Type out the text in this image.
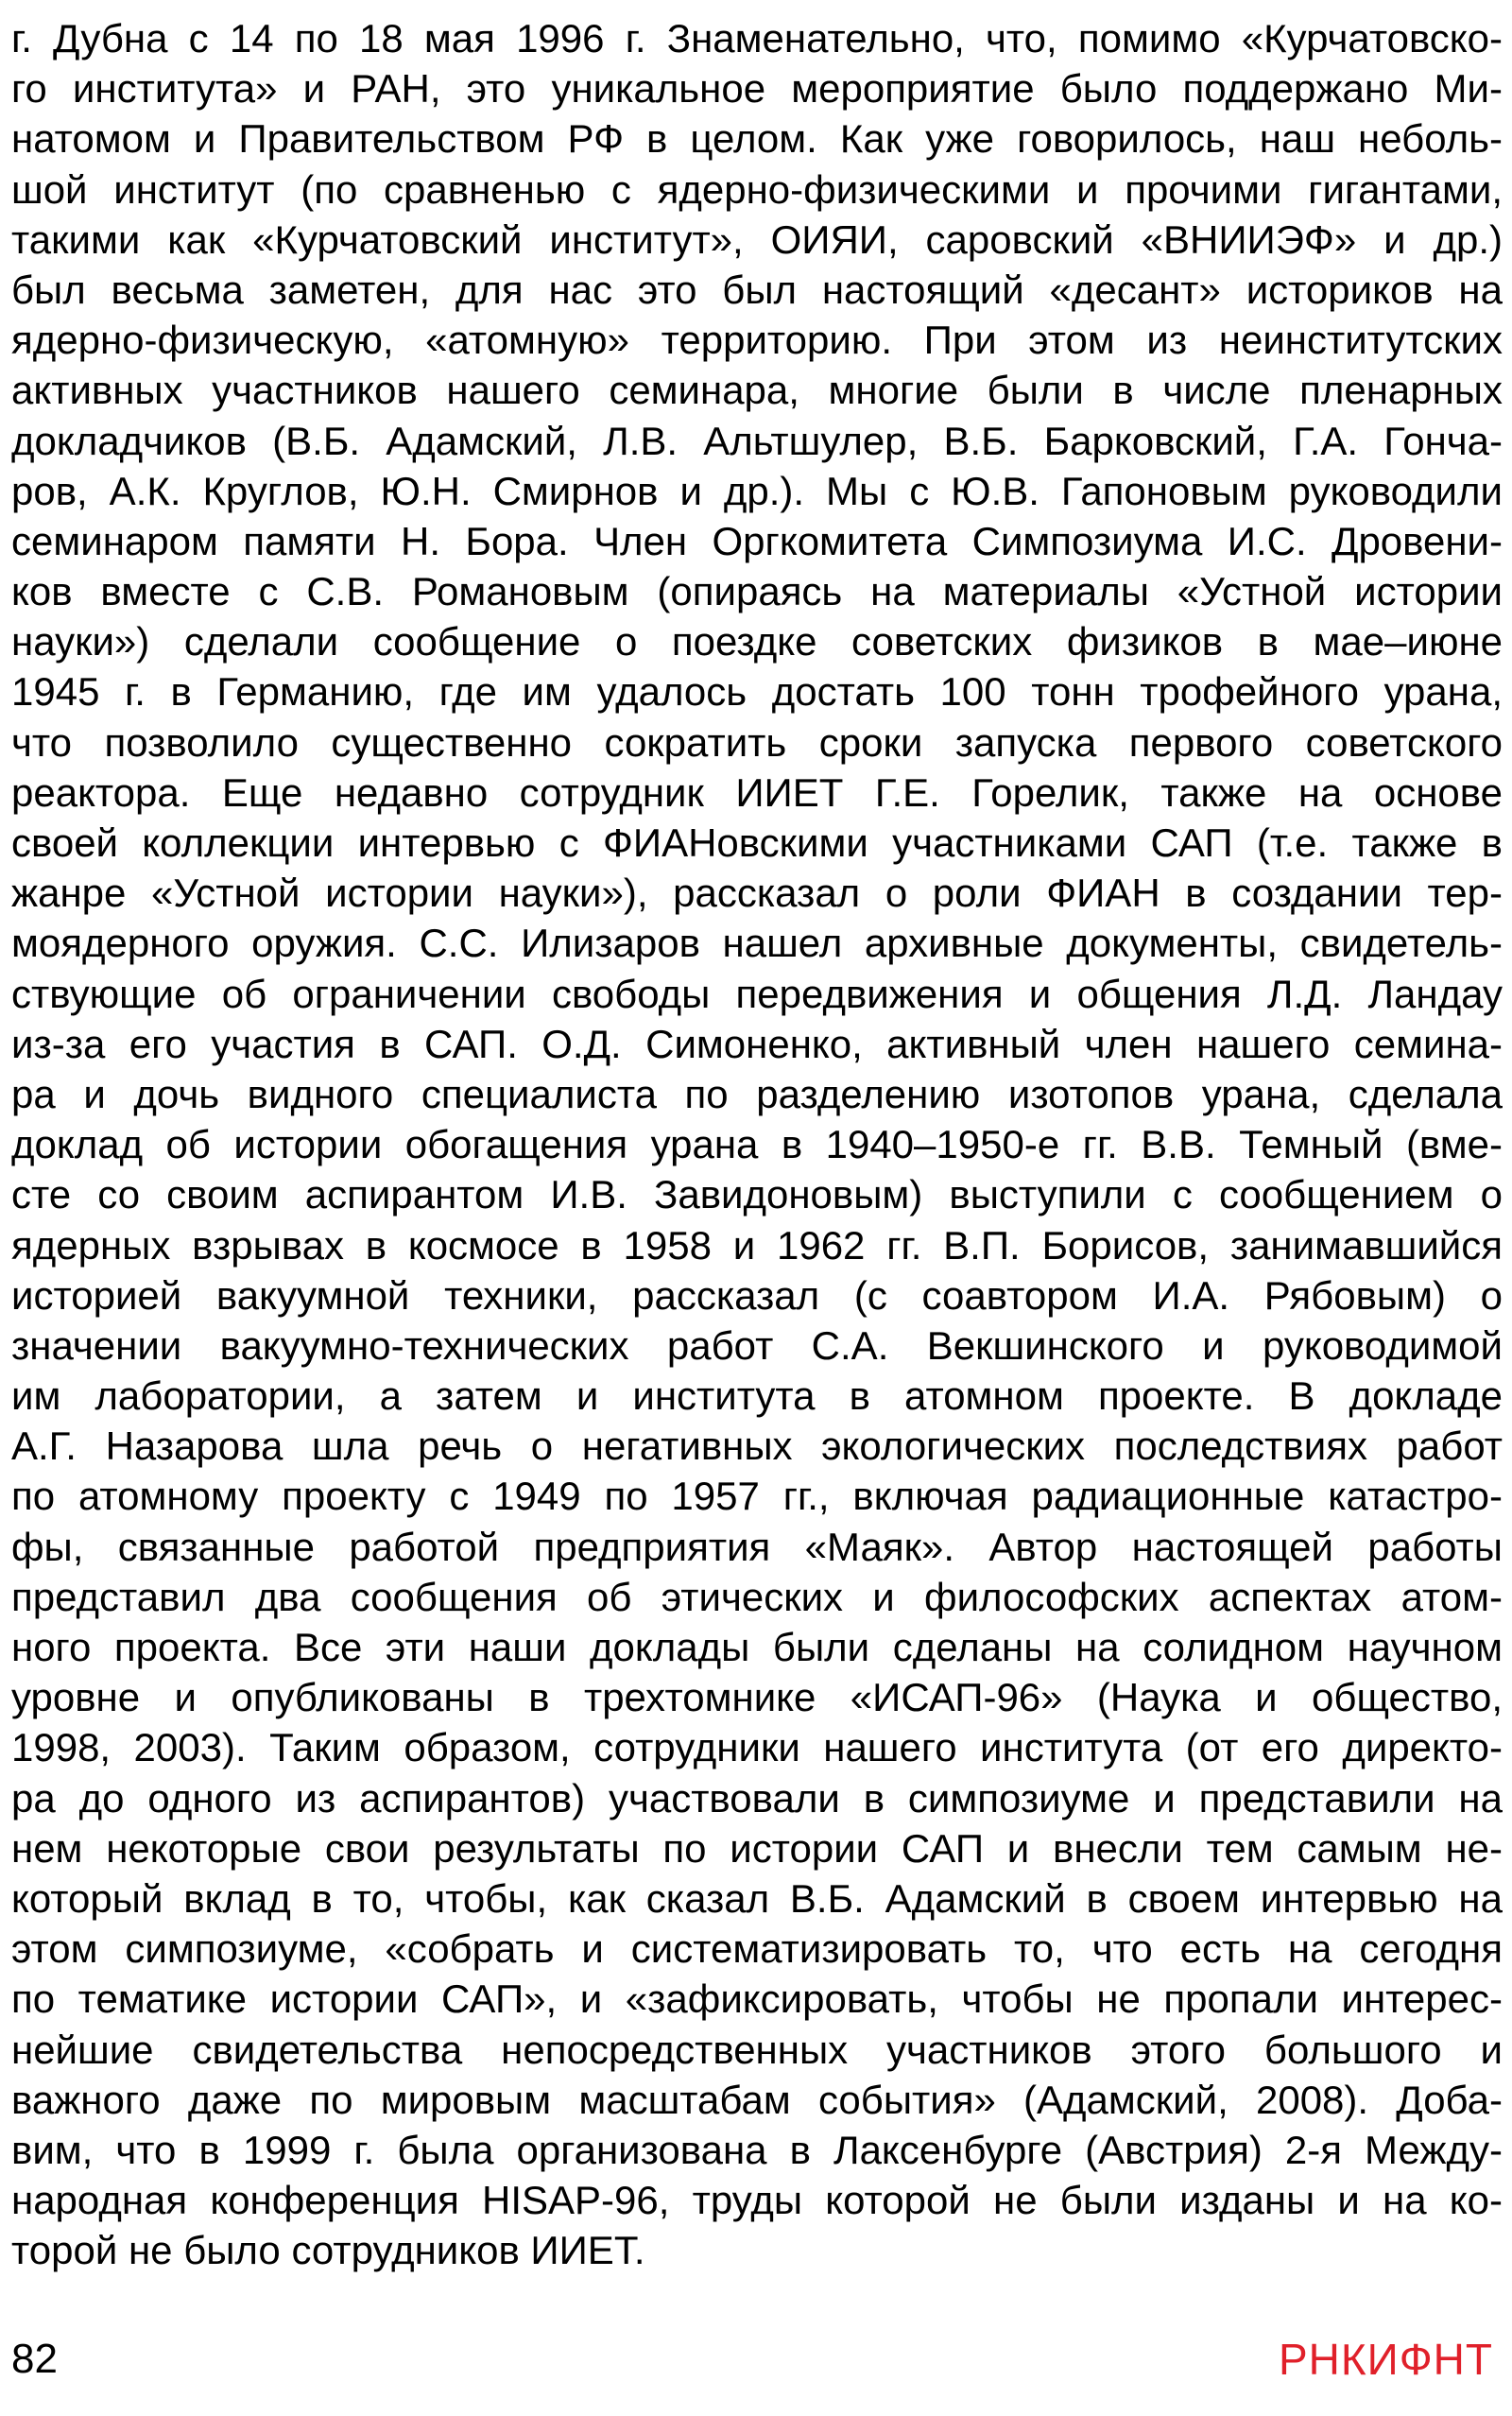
г. Дубна с 14 по 18 мая 1996 г. Знаменательно, что, помимо «Курчатовско-
го института» и РАН, это уникальное мероприятие было поддержано Ми-
натомом и Правительством РФ в целом. Как уже говорилось, наш неболь-
шой институт (по сравненью с ядерно-физическими и прочими гигантами,
такими как «Курчатовский институт», ОИЯИ, саровский «ВНИИЭФ» и др.)
был весьма заметен, для нас это был настоящий «десант» историков на
ядерно-физическую, «атомную» территорию. При этом из неинститутских
активных участников нашего семинара, многие были в числе пленарных
докладчиков (В.Б. Адамский, Л.В. Альтшулер, В.Б. Барковский, Г.А. Гонча-
ров, А.К. Круглов, Ю.Н. Смирнов и др.). Мы с Ю.В. Гапоновым руководили
семинаром памяти Н. Бора. Член Оргкомитета Симпозиума И.С. Дровени-
ков вместе с С.В. Романовым (опираясь на материалы «Устной истории
науки») сделали сообщение о поездке советских физиков в мае–июне
1945 г. в Германию, где им удалось достать 100 тонн трофейного урана,
что позволило существенно сократить сроки запуска первого советского
реактора. Еще недавно сотрудник ИИЕТ Г.Е. Горелик, также на основе
своей коллекции интервью с ФИАНовскими участниками САП (т.е. также в
жанре «Устной истории науки»), рассказал о роли ФИАН в создании тер-
моядерного оружия. С.С. Илизаров нашел архивные документы, свидетель-
ствующие об ограничении свободы передвижения и общения Л.Д. Ландау
из-за его участия в САП. О.Д. Симоненко, активный член нашего семина-
ра и дочь видного специалиста по разделению изотопов урана, сделала
доклад об истории обогащения урана в 1940–1950-е гг. В.В. Темный (вме-
сте со своим аспирантом И.В. Завидоновым) выступили с сообщением о
ядерных взрывах в космосе в 1958 и 1962 гг. В.П. Борисов, занимавшийся
историей вакуумной техники, рассказал (с соавтором И.А. Рябовым) о
значении вакуумно-технических работ С.А. Векшинского и руководимой
им лаборатории, а затем и института в атомном проекте. В докладе
А.Г. Назарова шла речь о негативных экологических последствиях работ
по атомному проекту с 1949 по 1957 гг., включая радиационные катастро-
фы, связанные работой предприятия «Маяк». Автор настоящей работы
представил два сообщения об этических и философских аспектах атом-
ного проекта. Все эти наши доклады были сделаны на солидном научном
уровне и опубликованы в трехтомнике «ИСАП-96» (Наука и общество,
1998, 2003). Таким образом, сотрудники нашего института (от его директо-
ра до одного из аспирантов) участвовали в симпозиуме и представили на
нем некоторые свои результаты по истории САП и внесли тем самым не-
который вклад в то, чтобы, как сказал В.Б. Адамский в своем интервью на
этом симпозиуме, «собрать и систематизировать то, что есть на сегодня
по тематике истории САП», и «зафиксировать, чтобы не пропали интерес-
нейшие свидетельства непосредственных участников этого большого и
важного даже по мировым масштабам события» (Адамский, 2008). Доба-
вим, что в 1999 г. была организована в Лаксенбурге (Австрия) 2-я Между-
народная конференция HISAP-96, труды которой не были изданы и на ко-
торой не было сотрудников ИИЕТ.
82	РНКИФНТ
